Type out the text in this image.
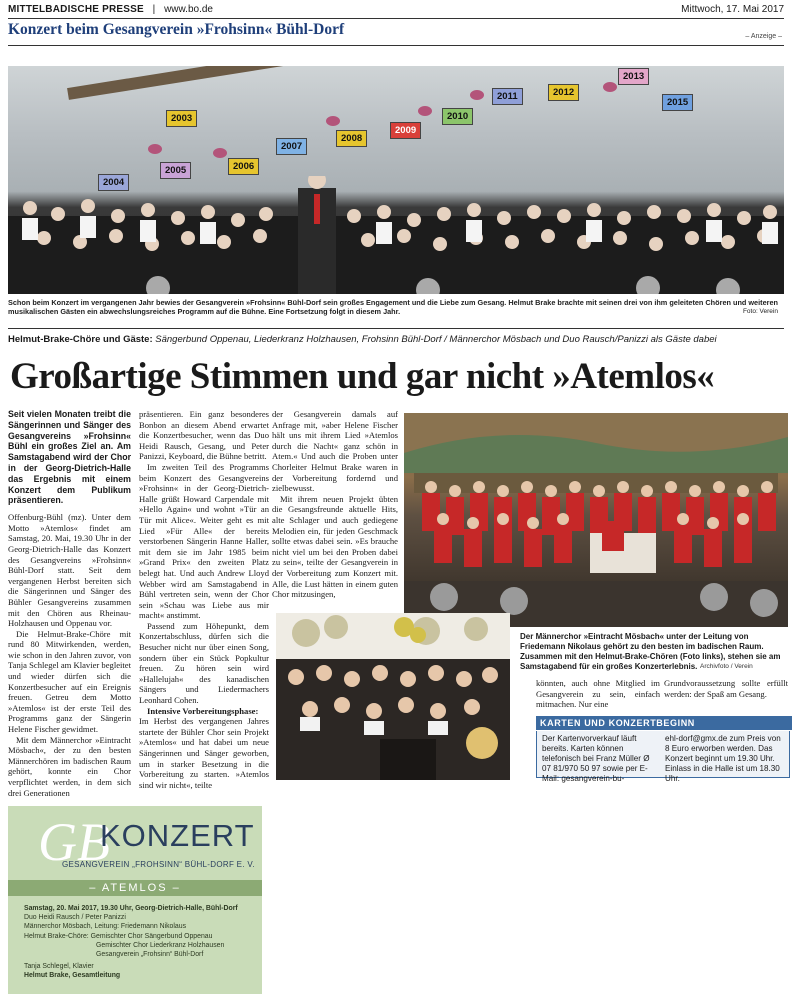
MITTELBADISCHE PRESSE | www.bo.de	Mittwoch, 17. Mai 2017
Konzert beim Gesangverein »Frohsinn« Bühl-Dorf	– Anzeige –
2003
2004
2005	2006
2007
2008
2009
2010
2011	2012
2013
2015
Schon beim Konzert im vergangenen Jahr bewies der Gesangverein »Frohsinn« Bühl-Dorf sein großes Engagement und die Liebe zum Gesang. Helmut Brake brachte mit seinen drei von ihm geleiteten Chören und weiteren musikalischen Gästen ein abwechslungsreiches Programm auf die Bühne. Eine Fortsetzung folgt in diesem Jahr.	Foto: Verein
Helmut-Brake-Chöre und Gäste: Sängerbund Oppenau, Liederkranz Holzhausen, Frohsinn Bühl-Dorf / Männerchor Mösbach und Duo Rausch/Panizzi als Gäste dabei
Großartige Stimmen und gar nicht »Atemlos«

Seit vielen Monaten treibt die Sängerinnen und Sänger des Gesangvereins »Frohsinn« Bühl ein großes Ziel an. Am Samstagabend wird der Chor in der Georg-Dietrich-Halle das Ergebnis mit einem Konzert dem Publikum präsentieren.

Offenburg-Bühl (mz). Unter dem Motto »Atemlos« findet am Samstag, 20. Mai, 19.30 Uhr in der Georg-Dietrich-Halle das Konzert des Gesangvereins »Frohsinn« Bühl-Dorf statt. Seit dem vergangenen Herbst bereiten sich die Sängerinnen und Sänger des Bühler Gesangvereins zusammen mit den Chören aus Rheinau-Holzhausen und Oppenau vor.

Die Helmut-Brake-Chöre mit rund 80 Mitwirkenden, werden, wie schon in den Jahren zuvor, von Tanja Schlegel am Klavier begleitet und wieder dürfen sich die Konzertbesucher auf ein Ereignis freuen. Getreu dem Motto »Atemlos« ist der erste Teil des Programms ganz der Sängerin Helene Fischer gewidmet.

Mit dem Männerchor »Eintracht Mösbach«, der zu den besten Männerchören im badischen Raum gehört, konnte ein Chor verpflichtet werden, in dem sich drei Generationen

präsentieren. Ein ganz besonderes Bonbon an diesem Abend erwartet die Konzertbesucher, wenn das Duo Heidi Rausch, Gesang, und Peter Panizzi, Keyboard, die Bühne betritt.

Im zweiten Teil des Programms beim Konzert des Gesangvereins »Frohsinn« in der Georg-Dietrich-Halle grüßt Howard Carpendale mit »Hello Again« und wohnt »Tür an Tür mit Alice«. Weiter geht es mit Lied »Für Alle« der bereits verstorbenen Sängerin Hanne Haller, mit dem sie im Jahr 1985 beim »Grand Prix« den zweiten Platz belegt hat. Und auch Andrew Lloyd Webber wird am Samstagabend in Bühl vertreten sein, wenn der Chor sein »Schau was Liebe aus mir macht« anstimmt.

Passend zum Höhepunkt, dem Konzertabschluss, dürfen sich die Besucher nicht nur über einen Song, sondern über ein Stück Popkultur freuen. Zu hören sein wird »Hallelujah« des kanadischen Sängers und Liedermachers Leonhard Cohen.

Intensive Vorbereitungsphase:

Im Herbst des vergangenen Jahres startete der Bühler Chor sein Projekt »Atemlos« und hat dabei um neue Sängerinnen und Sänger geworben, um in starker Besetzung in die Vorbereitung zu starten. »Atemlos sind wir nicht«, teilte

der Gesangverein damals auf Anfrage mit, »aber Helene Fischer hält uns mit ihrem Lied »Atemlos durch die Nacht« ganz schön in Atem.« Und auch die Proben unter Chorleiter Helmut Brake waren in der Vorbereitung fordernd und zielbewusst.

Mit ihrem neuen Projekt übten die Gesangsfreunde aktuelle Hits, alte Schlager und auch gediegene Melodien ein, für jeden Geschmack sollte etwas dabei sein. »Es brauche nicht viel um bei den Proben dabei zu sein«, teilte der Gesangverein in der Vorbereitung zum Konzert mit. Alle, die Lust hätten in einem guten Chor mitzusingen,

Der Männerchor »Eintracht Mösbach« unter der Leitung von Friedemann Nikolaus gehört zu den besten im badischen Raum. Zusammen mit den Helmut-Brake-Chören (Foto links), stehen sie am Samstagabend für ein großes Konzerterlebnis. Archivfoto / Verein

könnten, auch ohne Mitglied im Gesangverein zu sein, einfach mitmachen. Nur eine

Grundvoraussetzung sollte erfüllt werden: der Spaß am Gesang.

KARTEN UND KONZERTBEGINN
Der Kartenvorverkauf läuft bereits. Karten können telefonisch bei Franz Müller Ø 07 81/970 50 97 sowie per E-Mail: gesangverein-bu-
ehl-dorf@gmx.de zum Preis von 8 Euro erworben werden. Das Konzert beginnt um 19.30 Uhr. Einlass in die Halle ist um 18.30 Uhr.
GB
KONZERT
GESANGVEREIN „FROHSINN“ BÜHL-DORF E. V.
– ATEMLOS –
Samstag, 20. Mai 2017, 19.30 Uhr, Georg-Dietrich-Halle, Bühl-Dorf
Duo Heidi Rausch / Peter Panizzi
Männerchor Mösbach, Leitung: Friedemann Nikolaus
Helmut Brake-Chöre: Gemischter Chor Sängerbund Oppenau
Gemischter Chor Liederkranz Holzhausen
Gesangverein „Frohsinn“ Bühl-Dorf
Tanja Schlegel, Klavier
Helmut Brake, Gesamtleitung
